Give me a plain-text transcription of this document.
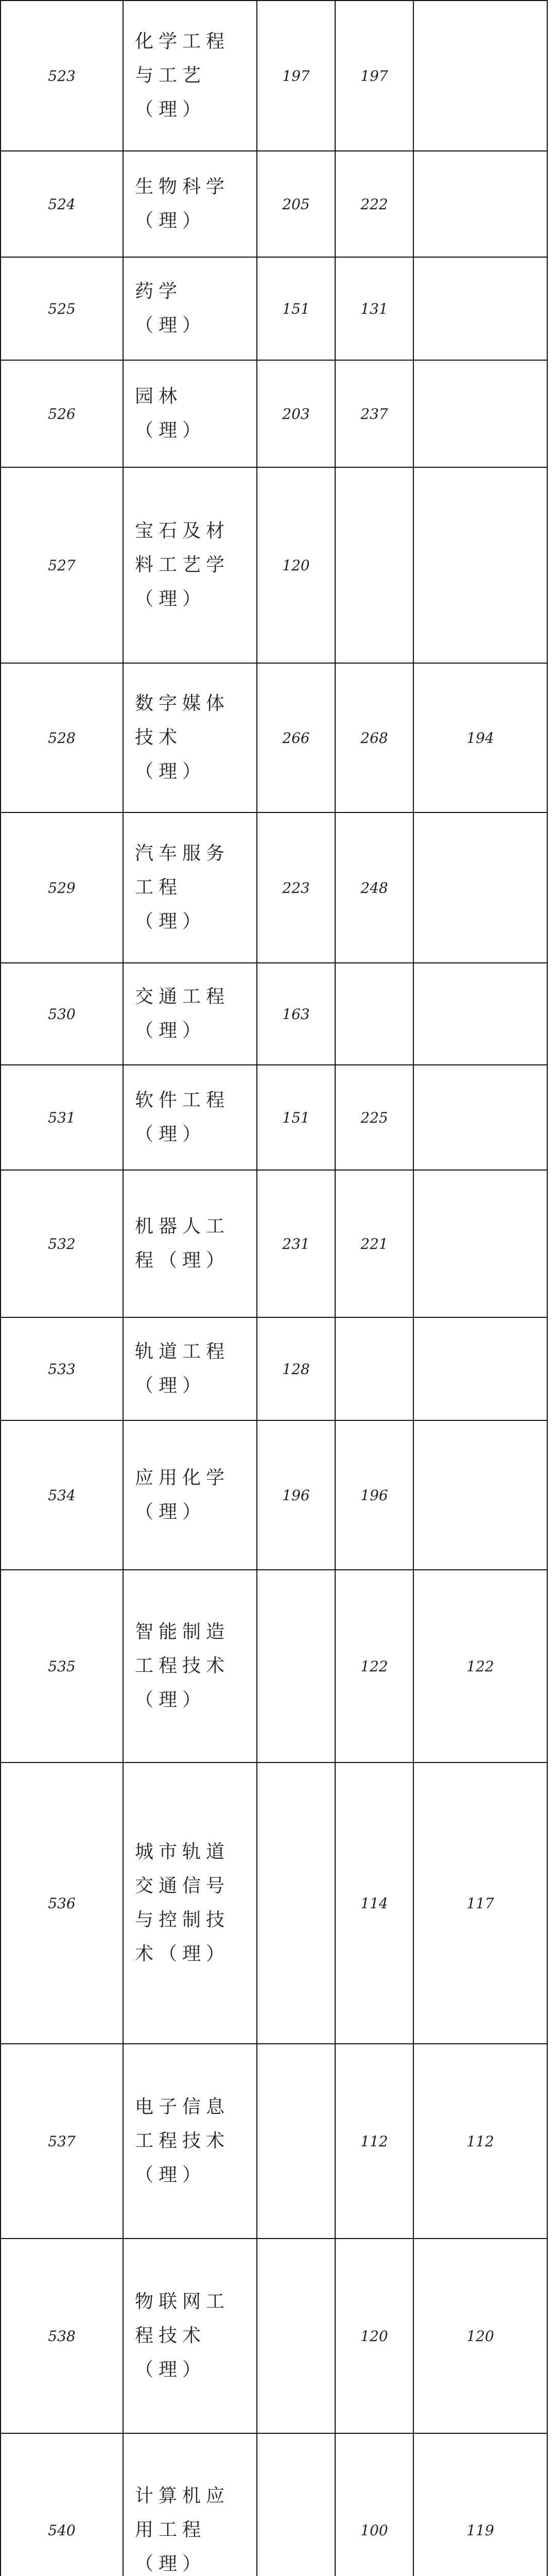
523	化学工程与工艺（理）	197	197	
524	生物科学（理）	205	222	
525	药学（理）	151	131	
526	园林（理）	203	237	
527	宝石及材料工艺学（理）	120		
528	数字媒体技术（理）	266	268	194
529	汽车服务工程（理）	223	248	
530	交通工程（理）	163		
531	软件工程（理）	151	225	
532	机器人工程（理）	231	221	
533	轨道工程（理）	128		
534	应用化学（理）	196	196	
535	智能制造工程技术（理）		122	122
536	城市轨道交通信号与控制技术（理）		114	117
537	电子信息工程技术（理）		112	112
538	物联网工程技术（理）		120	120
540	计算机应用工程（理）		100	119
